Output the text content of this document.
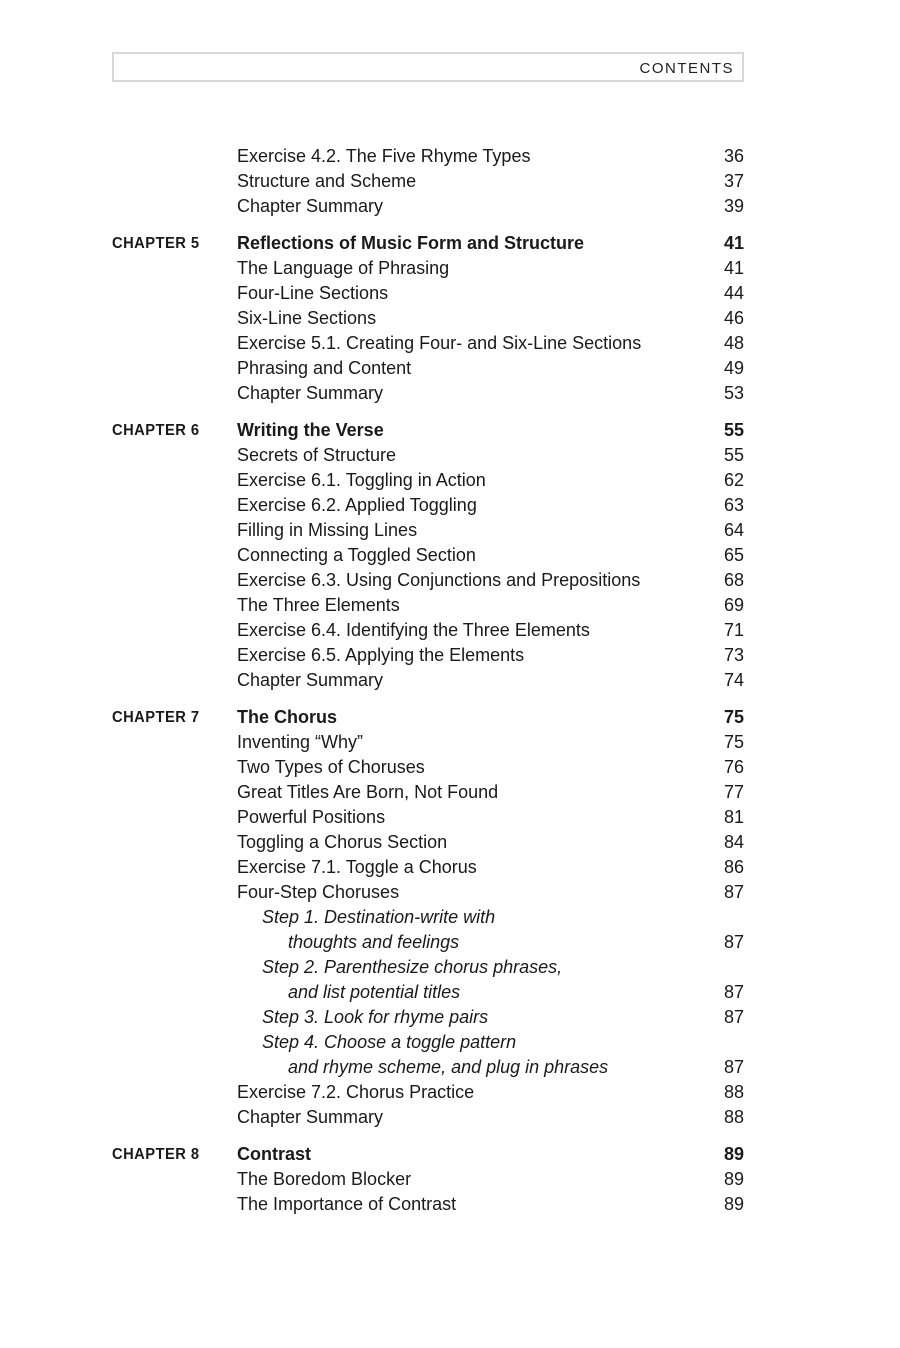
CONTENTS
Exercise 4.2. The Five Rhyme Types	36
Structure and Scheme	37
Chapter Summary	39
CHAPTER 5 Reflections of Music Form and Structure	41
The Language of Phrasing	41
Four-Line Sections	44
Six-Line Sections	46
Exercise 5.1. Creating Four- and Six-Line Sections	48
Phrasing and Content	49
Chapter Summary	53
CHAPTER 6 Writing the Verse	55
Secrets of Structure	55
Exercise 6.1. Toggling in Action	62
Exercise 6.2. Applied Toggling	63
Filling in Missing Lines	64
Connecting a Toggled Section	65
Exercise 6.3. Using Conjunctions and Prepositions	68
The Three Elements	69
Exercise 6.4. Identifying the Three Elements	71
Exercise 6.5. Applying the Elements	73
Chapter Summary	74
CHAPTER 7 The Chorus	75
Inventing “Why”	75
Two Types of Choruses	76
Great Titles Are Born, Not Found	77
Powerful Positions	81
Toggling a Chorus Section	84
Exercise 7.1. Toggle a Chorus	86
Four-Step Choruses	87
Step 1. Destination-write with
thoughts and feelings	87
Step 2. Parenthesize chorus phrases,
and list potential titles	87
Step 3. Look for rhyme pairs	87
Step 4. Choose a toggle pattern
and rhyme scheme, and plug in phrases	87
Exercise 7.2. Chorus Practice	88
Chapter Summary	88
CHAPTER 8 Contrast	89
The Boredom Blocker	89
The Importance of Contrast	89
